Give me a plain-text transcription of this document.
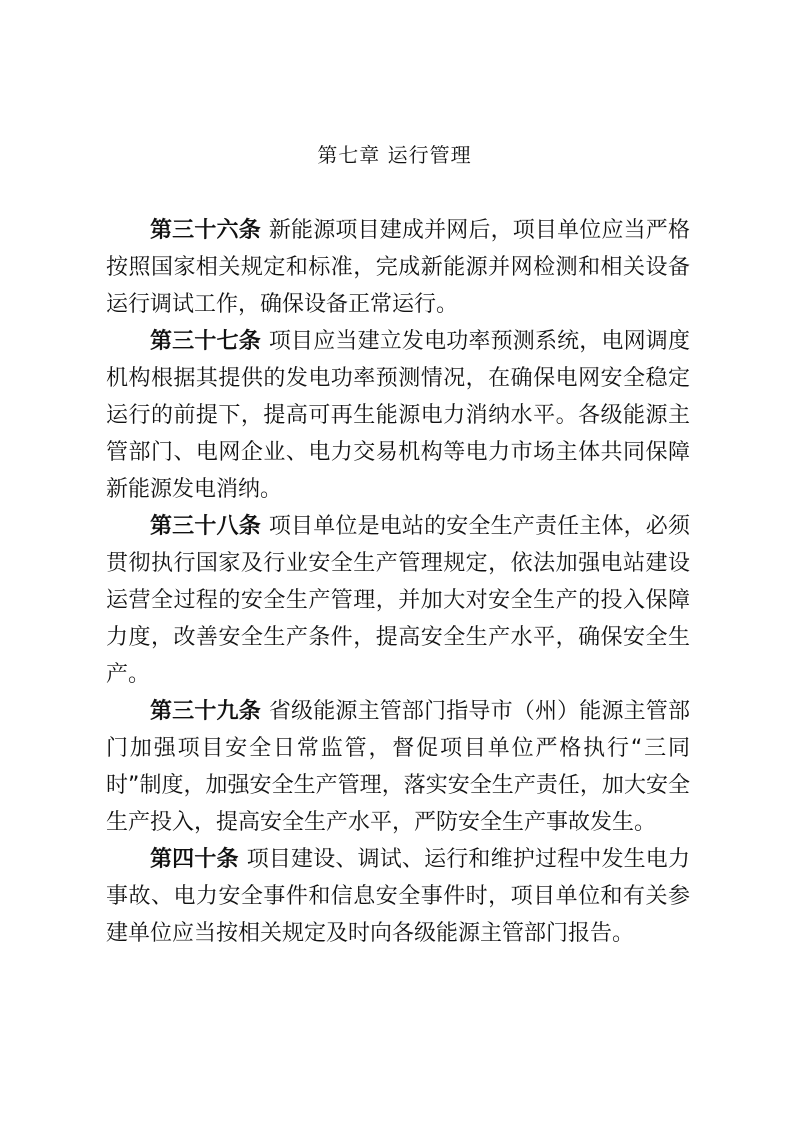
第七章 运行管理

第三十六条 新能源项目建成并网后，项目单位应当严格按照国家相关规定和标准，完成新能源并网检测和相关设备运行调试工作，确保设备正常运行。

第三十七条 项目应当建立发电功率预测系统，电网调度机构根据其提供的发电功率预测情况，在确保电网安全稳定运行的前提下，提高可再生能源电力消纳水平。各级能源主管部门、电网企业、电力交易机构等电力市场主体共同保障新能源发电消纳。

第三十八条 项目单位是电站的安全生产责任主体，必须贯彻执行国家及行业安全生产管理规定，依法加强电站建设运营全过程的安全生产管理，并加大对安全生产的投入保障力度，改善安全生产条件，提高安全生产水平，确保安全生产。

第三十九条 省级能源主管部门指导市（州）能源主管部门加强项目安全日常监管，督促项目单位严格执行“三同时”制度，加强安全生产管理，落实安全生产责任，加大安全生产投入，提高安全生产水平，严防安全生产事故发生。

第四十条 项目建设、调试、运行和维护过程中发生电力事故、电力安全事件和信息安全事件时，项目单位和有关参建单位应当按相关规定及时向各级能源主管部门报告。
